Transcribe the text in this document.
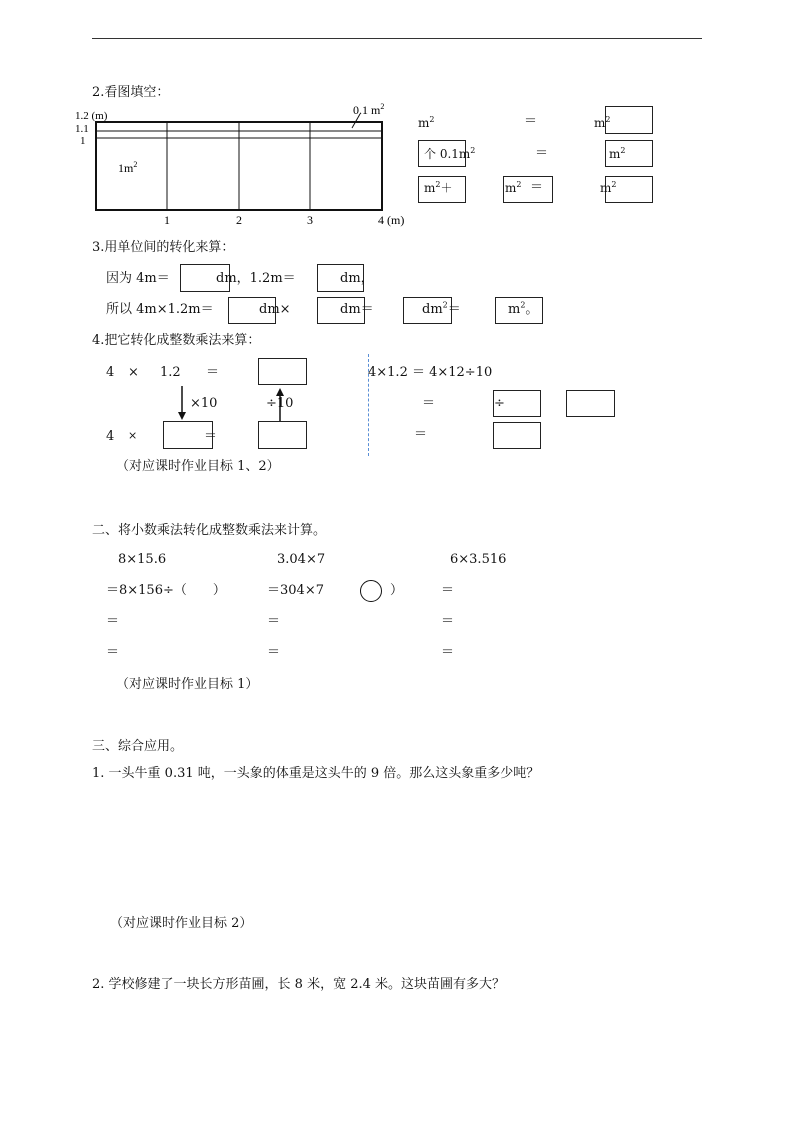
2.看图填空：
1.2 (m)
1.1
1
$1m^2$
0.1 $m^2$
1	2	3	4 (m)
$m^2$	＝	$m^2$
个 $0.1m^2$	＝	$m^2$
$m^2+$	$m^2$ ＝	$m^2$
3.用单位间的转化来算：
因为 4m＝	dm，1.2m＝	dm，
所以 4m×1.2m＝	dm×	dm＝	$dm^2=$	$m^2$。
4.把它转化成整数乘法来算：
4 × 1.2 ＝
×10	÷10
4 ×	＝
4×1.2 ＝ 4×12÷10
＝	÷
＝
（对应课时作业目标 1、2）
二、将小数乘法转化成整数乘法来计算。
8×15.6	3.04×7	6×3.516
＝8×156÷（　　）	＝304×7	）	＝
＝	＝	＝
＝	＝	＝
（对应课时作业目标 1）
三、综合应用。
1. 一头牛重 0.31 吨，一头象的体重是这头牛的 9 倍。那么这头象重多少吨？
（对应课时作业目标 2）
2. 学校修建了一块长方形苗圃，长 8 米，宽 2.4 米。这块苗圃有多大？
